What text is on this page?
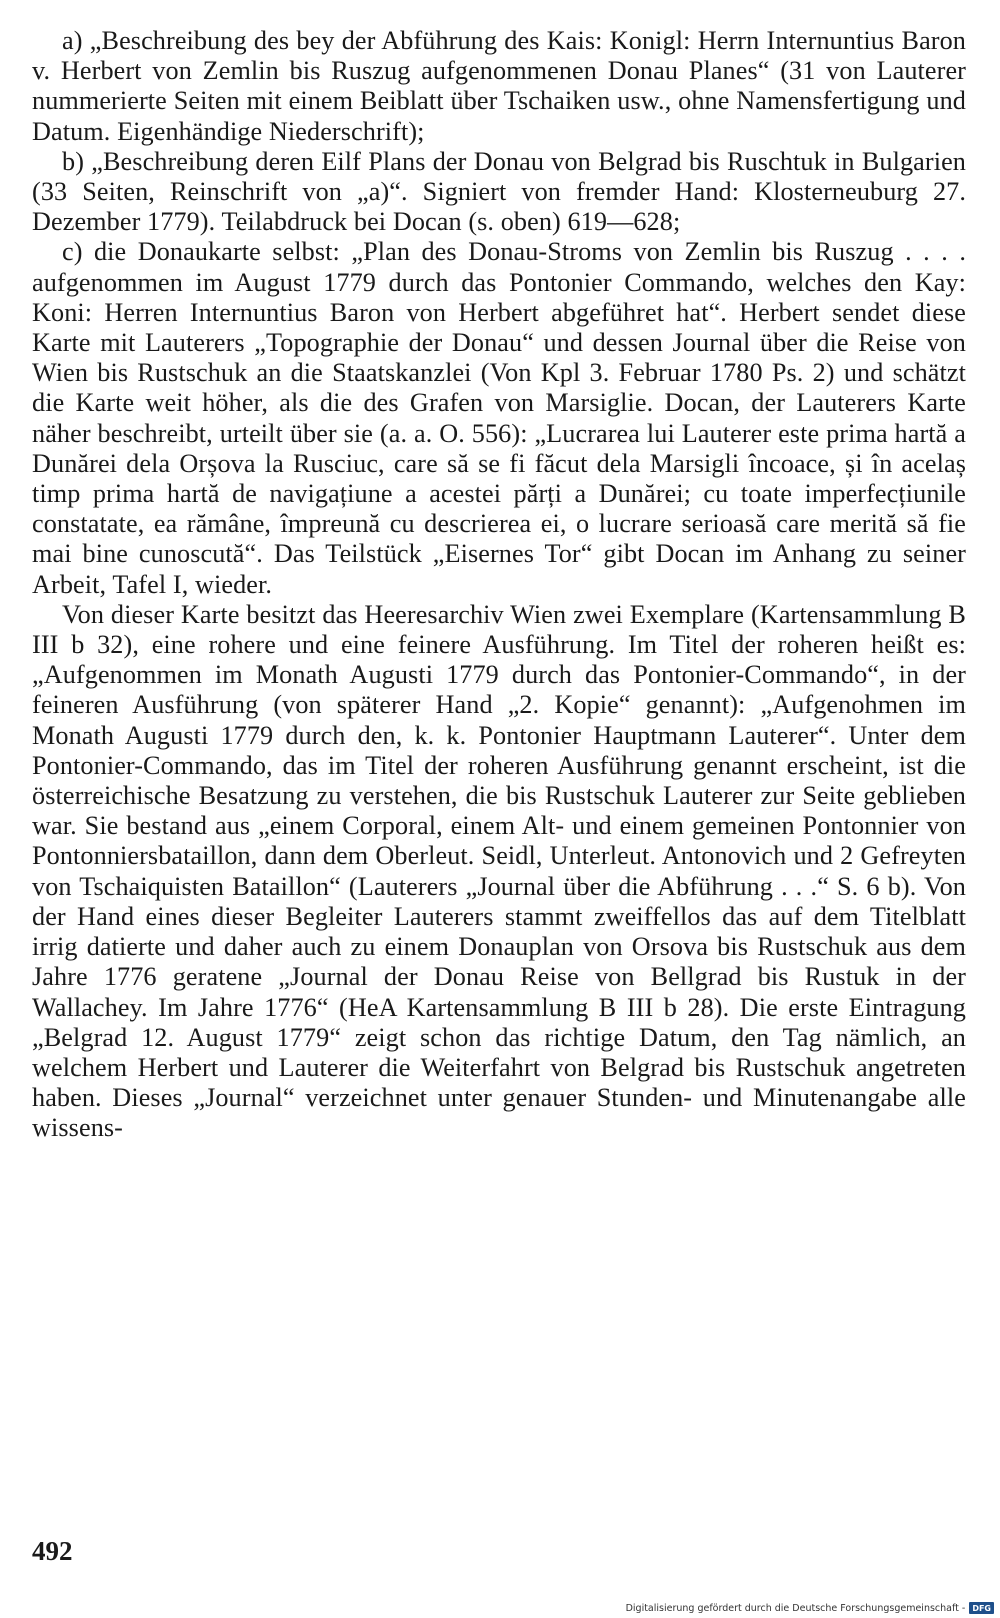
a) „Beschreibung des bey der Abführung des Kais: Konigl: Herrn Internuntius Baron v. Herbert von Zemlin bis Ruszug aufgenommenen Donau Planes“ (31 von Lauterer nummerierte Seiten mit einem Beiblatt über Tschaiken usw., ohne Namensfertigung und Datum. Eigenhändige Niederschrift);

b) „Beschreibung deren Eilf Plans der Donau von Belgrad bis Ruschtuk in Bulgarien (33 Seiten, Reinschrift von „a)“. Signiert von fremder Hand: Klosterneuburg 27. Dezember 1779). Teilabdruck bei Docan (s. oben) 619—628;

c) die Donaukarte selbst: „Plan des Donau-Stroms von Zemlin bis Ruszug . . . . aufgenommen im August 1779 durch das Pontonier Commando, welches den Kay: Koni: Herren Internuntius Baron von Herbert abgeführet hat“. Herbert sendet diese Karte mit Lauterers „Topographie der Donau“ und dessen Journal über die Reise von Wien bis Rustschuk an die Staatskanzlei (Von Kpl 3. Februar 1780 Ps. 2) und schätzt die Karte weit höher, als die des Grafen von Marsiglie. Docan, der Lauterers Karte näher beschreibt, urteilt über sie (a. a. O. 556): „Lucrarea lui Lauterer este prima hartă a Dunărei dela Orșova la Rusciuc, care să se fi făcut dela Marsigli încoace, și în acelaș timp prima hartă de navigațiune a acestei părți a Dunărei; cu toate imperfecțiunile constatate, ea rămâne, împreună cu descrierea ei, o lucrare serioasă care merită să fie mai bine cunoscută“. Das Teilstück „Eisernes Tor“ gibt Docan im Anhang zu seiner Arbeit, Tafel I, wieder.

Von dieser Karte besitzt das Heeresarchiv Wien zwei Exemplare (Kartensammlung B III b 32), eine rohere und eine feinere Ausführung. Im Titel der roheren heißt es: „Aufgenommen im Monath Augusti 1779 durch das Pontonier-Commando“, in der feineren Ausführung (von späterer Hand „2. Kopie“ genannt): „Aufgenohmen im Monath Augusti 1779 durch den, k. k. Pontonier Hauptmann Lauterer“. Unter dem Pontonier-Commando, das im Titel der roheren Ausführung genannt erscheint, ist die österreichische Besatzung zu verstehen, die bis Rustschuk Lauterer zur Seite geblieben war. Sie bestand aus „einem Corporal, einem Alt- und einem gemeinen Pontonnier von Pontonniersbataillon, dann dem Oberleut. Seidl, Unterleut. Antonovich und 2 Gefreyten von Tschaiquisten Bataillon“ (Lauterers „Journal über die Abführung . . .“ S. 6 b). Von der Hand eines dieser Begleiter Lauterers stammt zweiffellos das auf dem Titelblatt irrig datierte und daher auch zu einem Donauplan von Orsova bis Rustschuk aus dem Jahre 1776 geratene „Journal der Donau Reise von Bellgrad bis Rustuk in der Wallachey. Im Jahre 1776“ (HeA Kartensammlung B III b 28). Die erste Eintragung „Belgrad 12. August 1779“ zeigt schon das richtige Datum, den Tag nämlich, an welchem Herbert und Lauterer die Weiterfahrt von Belgrad bis Rustschuk angetreten haben. Dieses „Journal“ verzeichnet unter genauer Stunden- und Minutenangabe alle wissens-

492
Digitalisierung gefördert durch die Deutsche Forschungsgemeinschaft - DFG
